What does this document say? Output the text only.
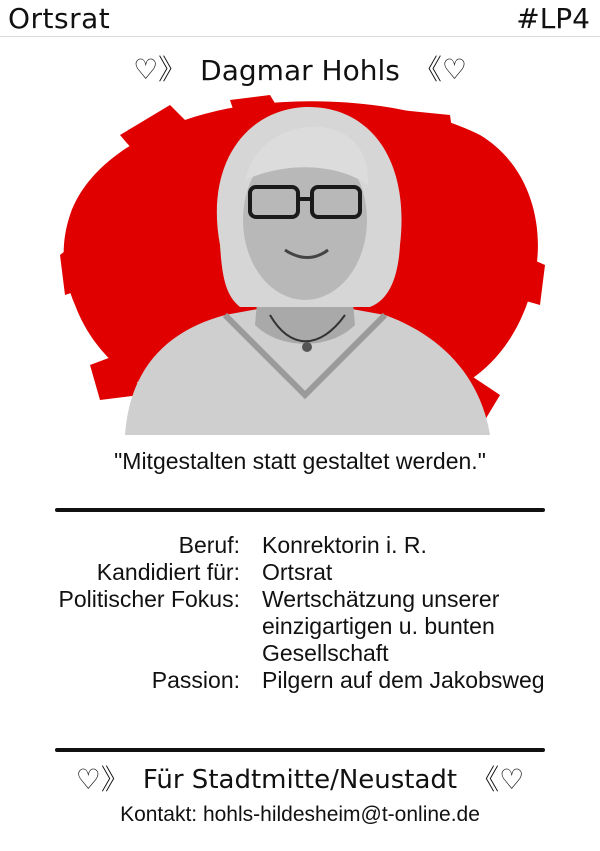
Ortsrat	#LP4
♡》 Dagmar Hohls 《♡
"Mitgestalten statt gestaltet werden."
Beruf: Konrektorin i. R.
Kandidiert für: Ortsrat
Politischer Fokus: Wertschätzung unserer einzigartigen u. bunten Gesellschaft
Passion: Pilgern auf dem Jakobsweg
♡》 Für Stadtmitte/Neustadt 《♡
Kontakt: hohls-hildesheim@t-online.de
